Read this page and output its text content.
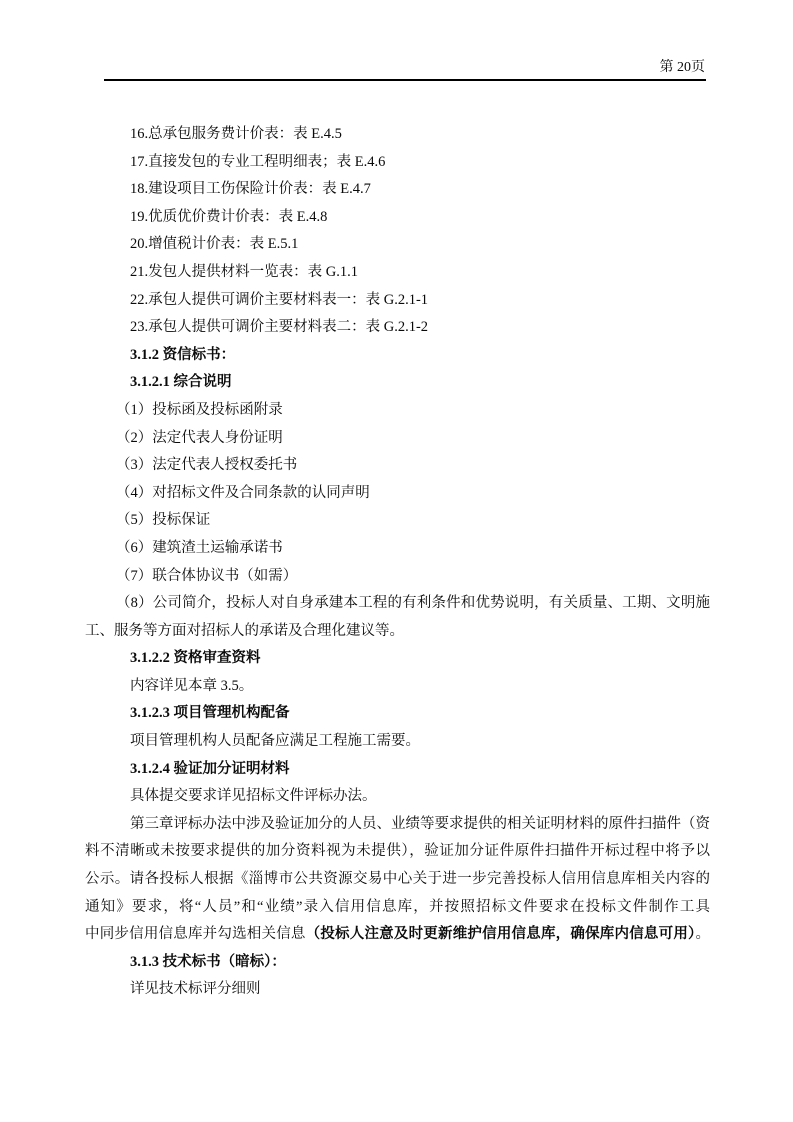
第 20页
16.总承包服务费计价表：表 E.4.5
17.直接发包的专业工程明细表；表 E.4.6
18.建设项目工伤保险计价表：表 E.4.7
19.优质优价费计价表：表 E.4.8
20.增值税计价表：表 E.5.1
21.发包人提供材料一览表：表 G.1.1
22.承包人提供可调价主要材料表一：表 G.2.1-1
23.承包人提供可调价主要材料表二：表 G.2.1-2
3.1.2 资信标书：
3.1.2.1 综合说明
（1）投标函及投标函附录
（2）法定代表人身份证明
（3）法定代表人授权委托书
（4）对招标文件及合同条款的认同声明
（5）投标保证
（6）建筑渣土运输承诺书
（7）联合体协议书（如需）
（8）公司简介，投标人对自身承建本工程的有利条件和优势说明，有关质量、工期、文明施
工、服务等方面对招标人的承诺及合理化建议等。
3.1.2.2 资格审查资料
内容详见本章 3.5。
3.1.2.3 项目管理机构配备
项目管理机构人员配备应满足工程施工需要。
3.1.2.4 验证加分证明材料
具体提交要求详见招标文件评标办法。
第三章评标办法中涉及验证加分的人员、业绩等要求提供的相关证明材料的原件扫描件（资
料不清晰或未按要求提供的加分资料视为未提供），验证加分证件原件扫描件开标过程中将予以
公示。请各投标人根据《淄博市公共资源交易中心关于进一步完善投标人信用信息库相关内容的
通知》要求，将“人员”和“业绩”录入信用信息库，并按照招标文件要求在投标文件制作工具
中同步信用信息库并勾选相关信息（投标人注意及时更新维护信用信息库，确保库内信息可用）。
3.1.3 技术标书（暗标）：
详见技术标评分细则
